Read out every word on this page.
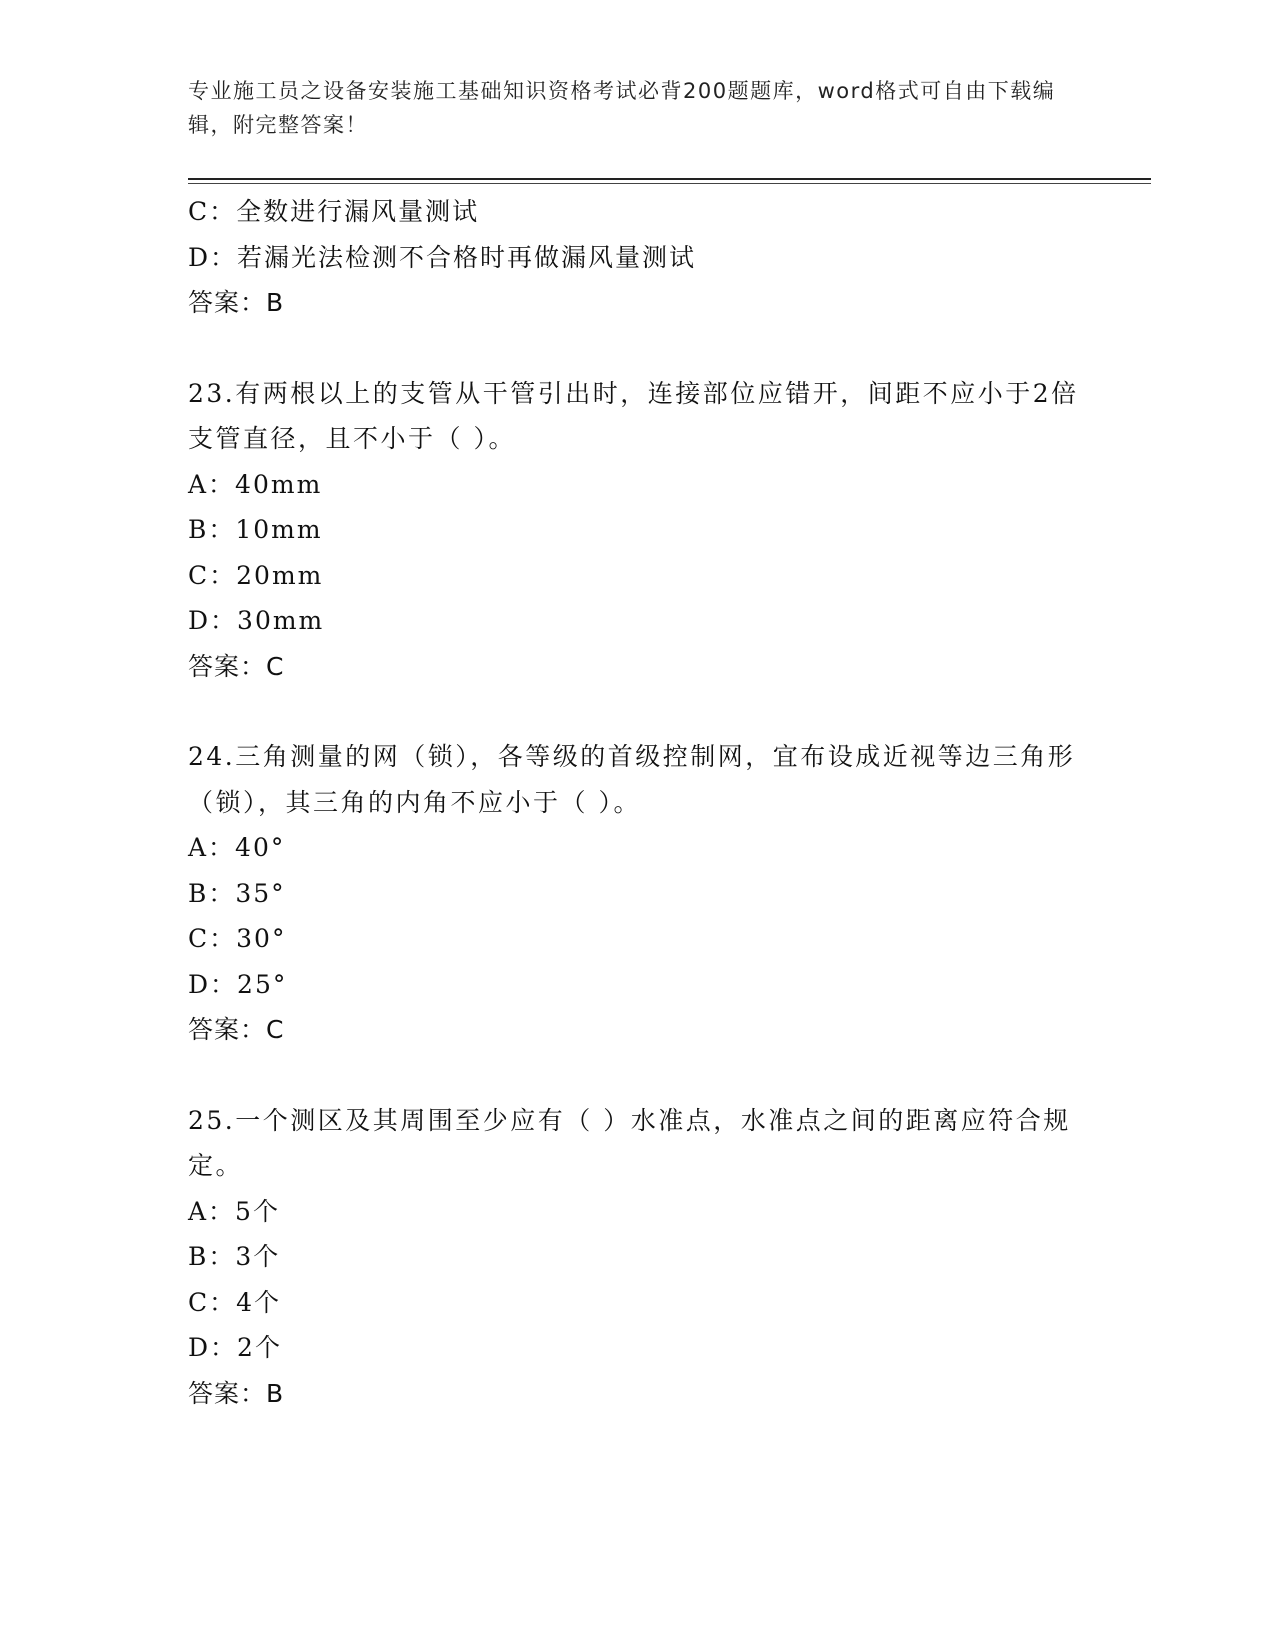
专业施工员之设备安装施工基础知识资格考试必背200题题库，word格式可自由下载编辑，附完整答案！
C：全数进行漏风量测试
D：若漏光法检测不合格时再做漏风量测试
答案：B
23.有两根以上的支管从干管引出时，连接部位应错开，间距不应小于2倍支管直径，且不小于（ ）。
A：40mm
B：10mm
C：20mm
D：30mm
答案：C
24.三角测量的网（锁），各等级的首级控制网，宜布设成近视等边三角形（锁），其三角的内角不应小于（ ）。
A：40°
B：35°
C：30°
D：25°
答案：C
25.一个测区及其周围至少应有（ ）水准点，水准点之间的距离应符合规定。
A：5个
B：3个
C：4个
D：2个
答案：B
